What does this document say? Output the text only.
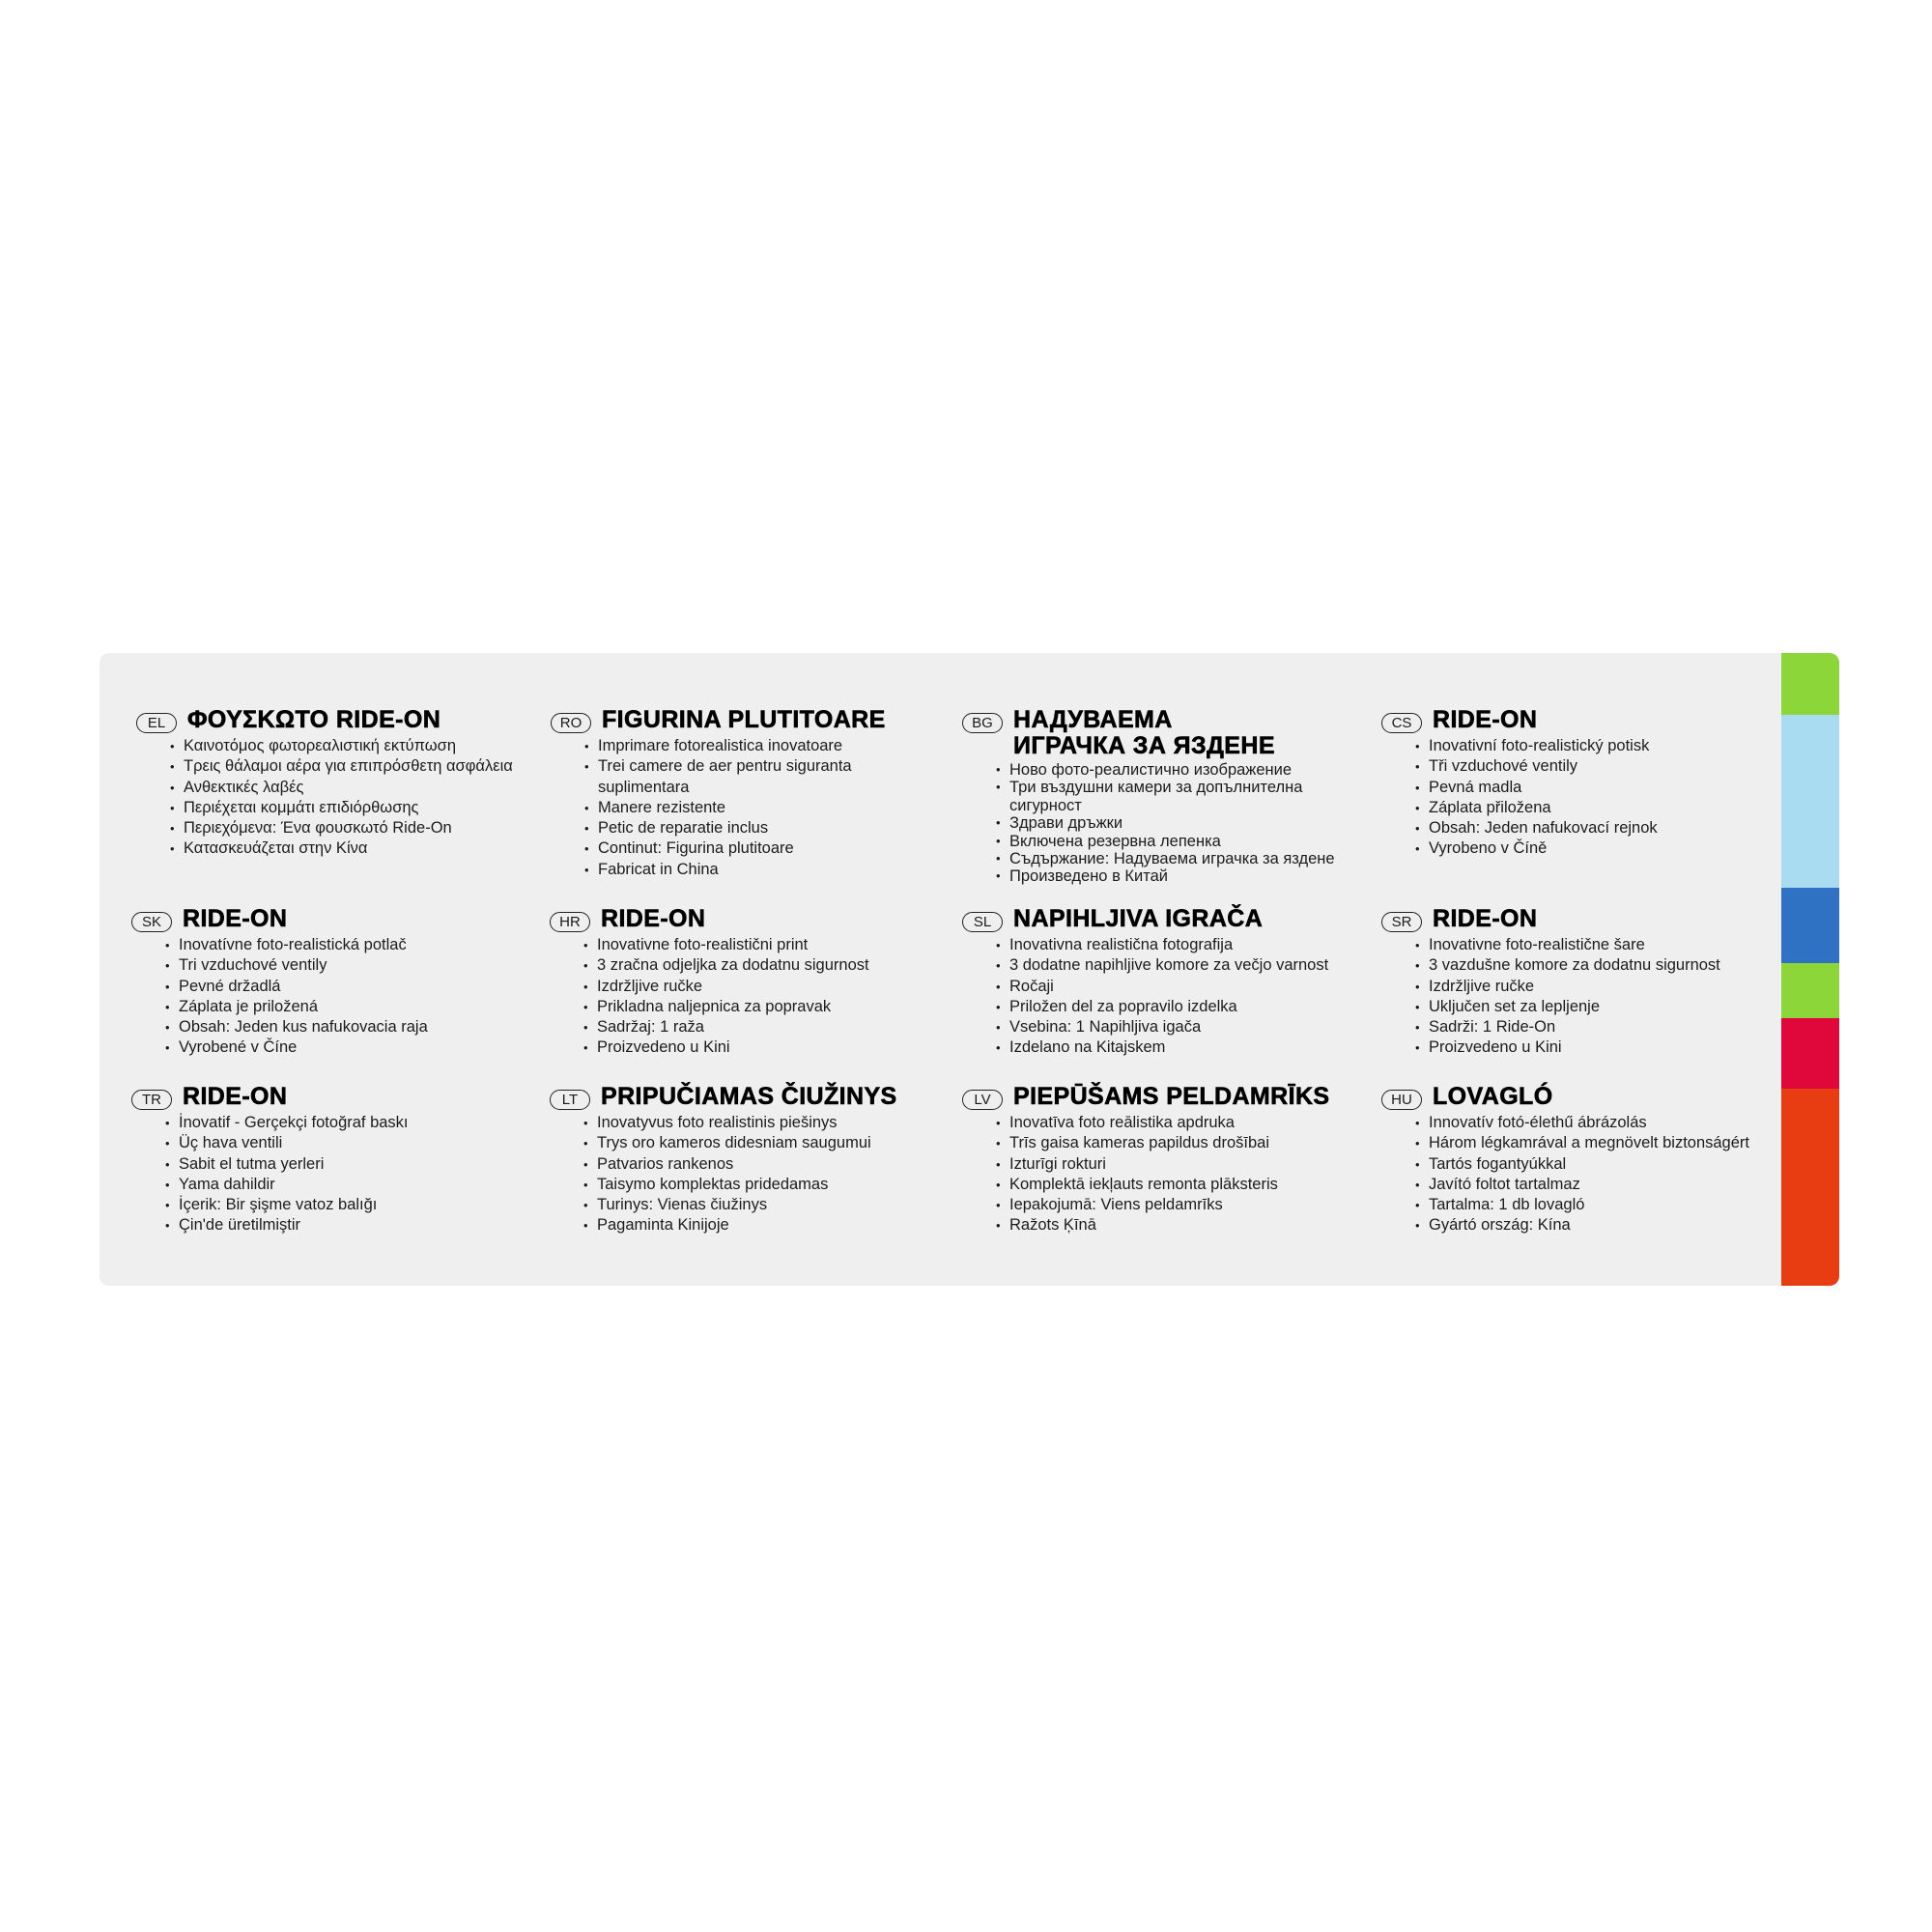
EL ΦΟΥΣΚΩΤΟ RIDE-ON
• Καινοτόμος φωτορεαλιστική εκτύπωση
• Τρεις θάλαμοι αέρα για επιπρόσθετη ασφάλεια
• Ανθεκτικές λαβές
• Περιέχεται κομμάτι επιδιόρθωσης
• Περιεχόμενα: Ένα φουσκωτό Ride-On
• Κατασκευάζεται στην Κίνα
RO FIGURINA PLUTITOARE
• Imprimare fotorealistica inovatoare
• Trei camere de aer pentru siguranta
suplimentara
• Manere rezistente
• Petic de reparatie inclus
• Continut: Figurina plutitoare
• Fabricat in China
BG НАДУВАЕМА
ИГРАЧКА ЗА ЯЗДЕНЕ
• Ново фото-реалистично изображение
• Три въздушни камери за допълнителна
сигурност
• Здрави дръжки
• Включена резервна лепенка
• Съдържание: Надуваема играчка за яздене
• Произведено в Китай
CS RIDE-ON
• Inovativní foto-realistický potisk
• Tři vzduchové ventily
• Pevná madla
• Záplata přiložena
• Obsah: Jeden nafukovací rejnok
• Vyrobeno v Číně
SK RIDE-ON
• Inovatívne foto-realistická potlač
• Tri vzduchové ventily
• Pevné držadlá
• Záplata je priložená
• Obsah: Jeden kus nafukovacia raja
• Vyrobené v Číne
HR RIDE-ON
• Inovativne foto-realistični print
• 3 zračna odjeljka za dodatnu sigurnost
• Izdržljive ručke
• Prikladna naljepnica za popravak
• Sadržaj: 1 raža
• Proizvedeno u Kini
SL NAPIHLJIVA IGRAČA
• Inovativna realistična fotografija
• 3 dodatne napihljive komore za večjo varnost
• Ročaji
• Priložen del za popravilo izdelka
• Vsebina: 1 Napihljiva igača
• Izdelano na Kitajskem
SR RIDE-ON
• Inovativne foto-realistične šare
• 3 vazdušne komore za dodatnu sigurnost
• Izdržljive ručke
• Uključen set za lepljenje
• Sadrži: 1 Ride-On
• Proizvedeno u Kini
TR RIDE-ON
• İnovatif - Gerçekçi fotoğraf baskı
• Üç hava ventili
• Sabit el tutma yerleri
• Yama dahildir
• İçerik: Bir şişme vatoz balığı
• Çin'de üretilmiştir
LT PRIPUČIAMAS ČIUŽINYS
• Inovatyvus foto realistinis piešinys
• Trys oro kameros didesniam saugumui
• Patvarios rankenos
• Taisymo komplektas pridedamas
• Turinys: Vienas čiužinys
• Pagaminta Kinijoje
LV PIEPŪŠAMS PELDAMRĪKS
• Inovatīva foto reālistika apdruka
• Trīs gaisa kameras papildus drošībai
• Izturīgi rokturi
• Komplektā iekļauts remonta plāksteris
• Iepakojumā: Viens peldamrīks
• Ražots Ķīnā
HU LOVAGLÓ
• Innovatív fotó-élethű ábrázolás
• Három légkamrával a megnövelt biztonságért
• Tartós fogantyúkkal
• Javító foltot tartalmaz
• Tartalma: 1 db lovagló
• Gyártó ország: Kína
